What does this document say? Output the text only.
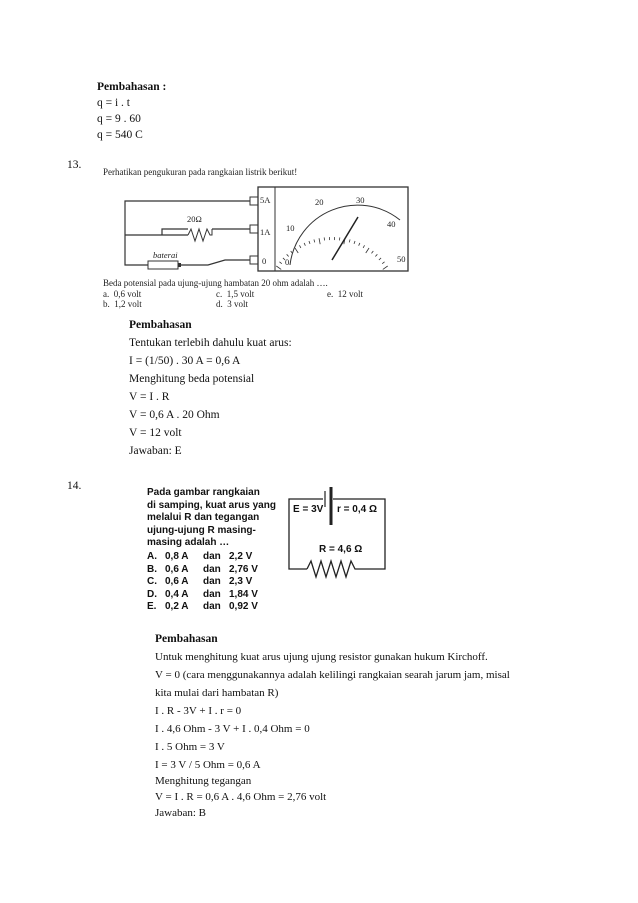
Pembahasan :
q = i . t
q = 9 . 60
q = 540 C
13.
Perhatikan pengukuran pada rangkaian listrik berikut!
5A
1A
0 0
10
20	30
40
50
20Ω
baterai
Beda potensial pada ujung-ujung hambatan 20 ohm adalah ….
a. 0,6 volt
b. 1,2 volt
c. 1,5 volt
d. 3 volt
e. 12 volt
Pembahasan
Tentukan terlebih dahulu kuat arus:
I = (1/50) . 30 A = 0,6 A
Menghitung beda potensial
V = I . R
V = 0,6 A . 20 Ohm
V = 12 volt
Jawaban: E
14.
Pada gambar rangkaian
di samping, kuat arus yang
melalui R dan tegangan
ujung-ujung R masing-
masing adalah …
A. 0,8 A dan 2,2 V
B. 0,6 A dan 2,76 V
C. 0,6 A dan 2,3 V
D. 0,4 A dan 1,84 V
E. 0,2 A dan 0,92 V
E = 3V r = 0,4 Ω
R = 4,6 Ω
Pembahasan
Untuk menghitung kuat arus ujung ujung resistor gunakan hukum Kirchoff.
V = 0 (cara menggunakannya adalah kelilingi rangkaian searah jarum jam, misal
kita mulai dari hambatan R)
I . R - 3V + I . r = 0
I . 4,6 Ohm - 3 V + I . 0,4 Ohm = 0
I . 5 Ohm = 3 V
I = 3 V / 5 Ohm = 0,6 A
Menghitung tegangan
V = I . R = 0,6 A . 4,6 Ohm = 2,76 volt
Jawaban: B
